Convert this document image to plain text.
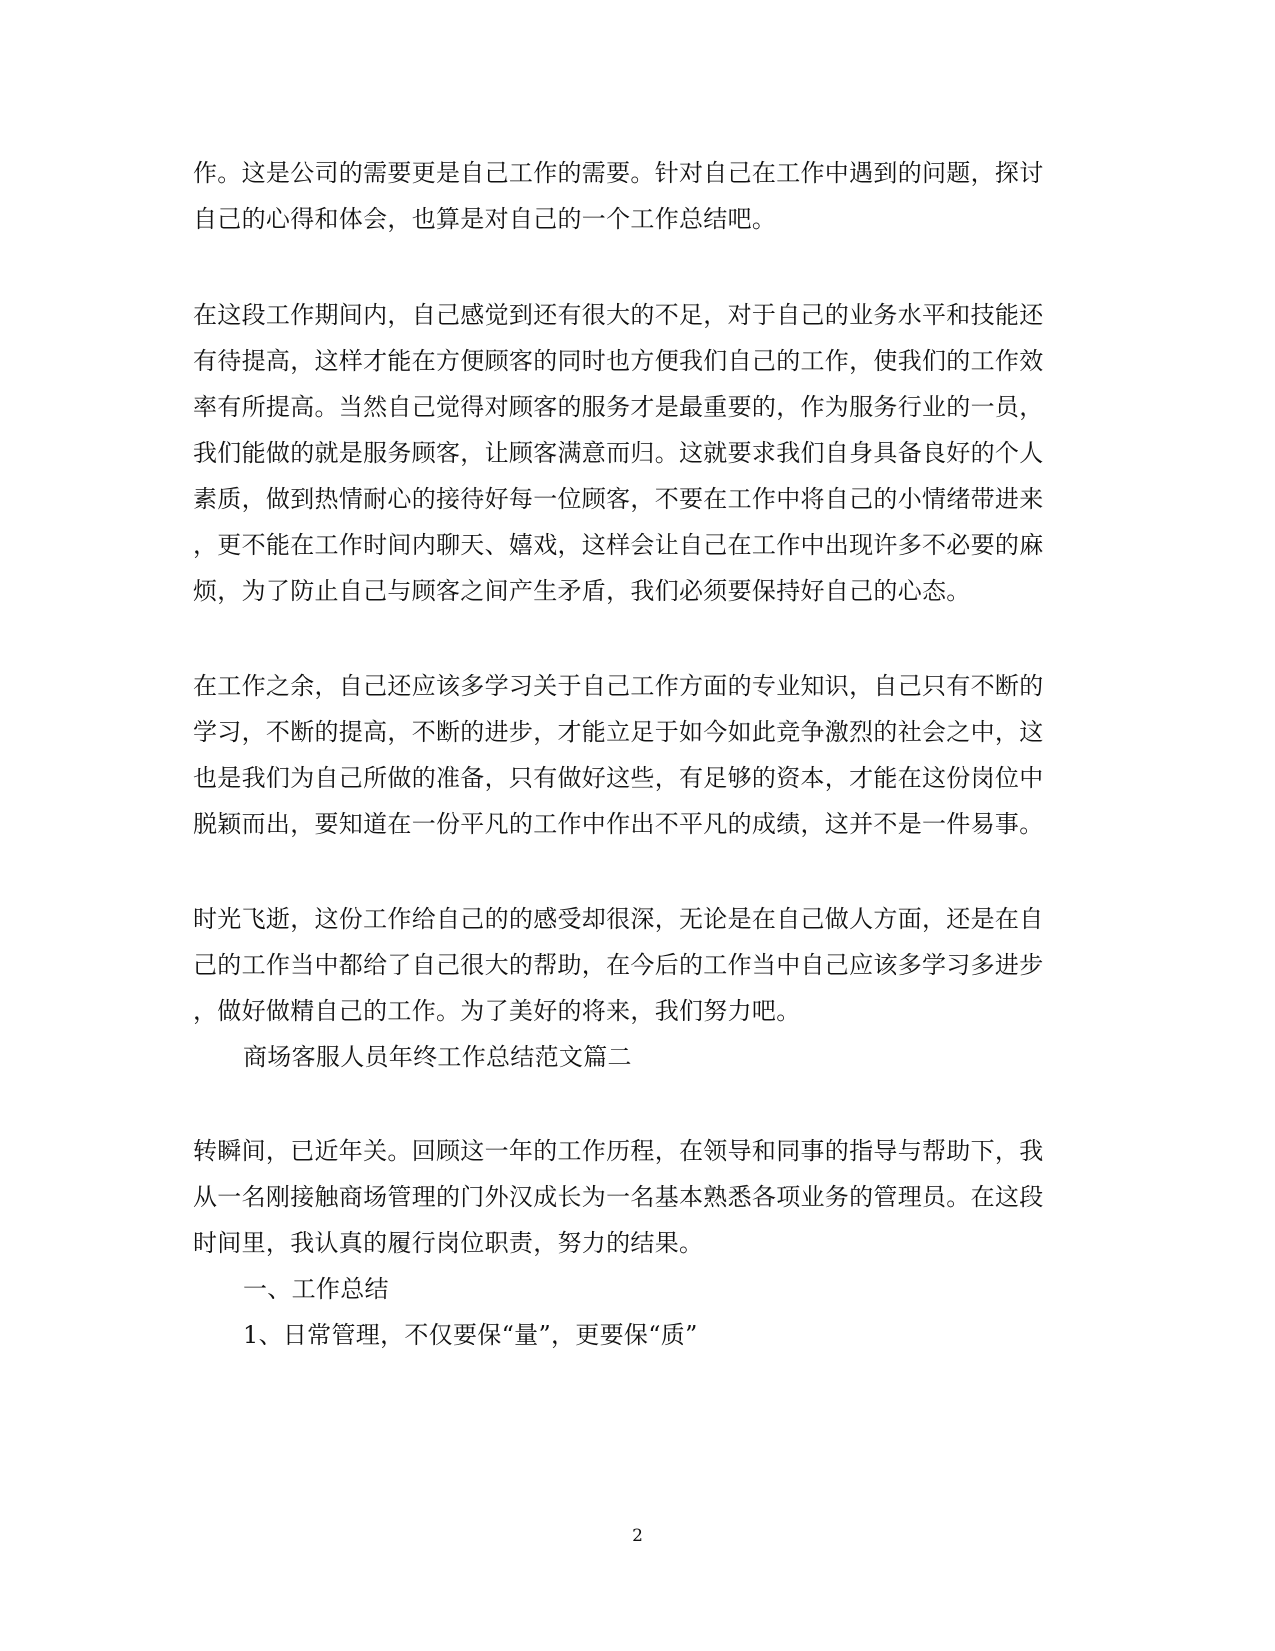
作。这是公司的需要更是自己工作的需要。针对自己在工作中遇到的问题，探讨
自己的心得和体会，也算是对自己的一个工作总结吧。
在这段工作期间内，自己感觉到还有很大的不足，对于自己的业务水平和技能还
有待提高，这样才能在方便顾客的同时也方便我们自己的工作，使我们的工作效
率有所提高。当然自己觉得对顾客的服务才是最重要的，作为服务行业的一员，
我们能做的就是服务顾客，让顾客满意而归。这就要求我们自身具备良好的个人
素质，做到热情耐心的接待好每一位顾客，不要在工作中将自己的小情绪带进来
，更不能在工作时间内聊天、嬉戏，这样会让自己在工作中出现许多不必要的麻
烦，为了防止自己与顾客之间产生矛盾，我们必须要保持好自己的心态。
在工作之余，自己还应该多学习关于自己工作方面的专业知识，自己只有不断的
学习，不断的提高，不断的进步，才能立足于如今如此竞争激烈的社会之中，这
也是我们为自己所做的准备，只有做好这些，有足够的资本，才能在这份岗位中
脱颖而出，要知道在一份平凡的工作中作出不平凡的成绩，这并不是一件易事。
时光飞逝，这份工作给自己的的感受却很深，无论是在自己做人方面，还是在自
己的工作当中都给了自己很大的帮助，在今后的工作当中自己应该多学习多进步
，做好做精自己的工作。为了美好的将来，我们努力吧。
商场客服人员年终工作总结范文篇二
转瞬间，已近年关。回顾这一年的工作历程，在领导和同事的指导与帮助下，我
从一名刚接触商场管理的门外汉成长为一名基本熟悉各项业务的管理员。在这段
时间里，我认真的履行岗位职责，努力的结果。
一、工作总结
1、日常管理，不仅要保“量”，更要保“质”
2
